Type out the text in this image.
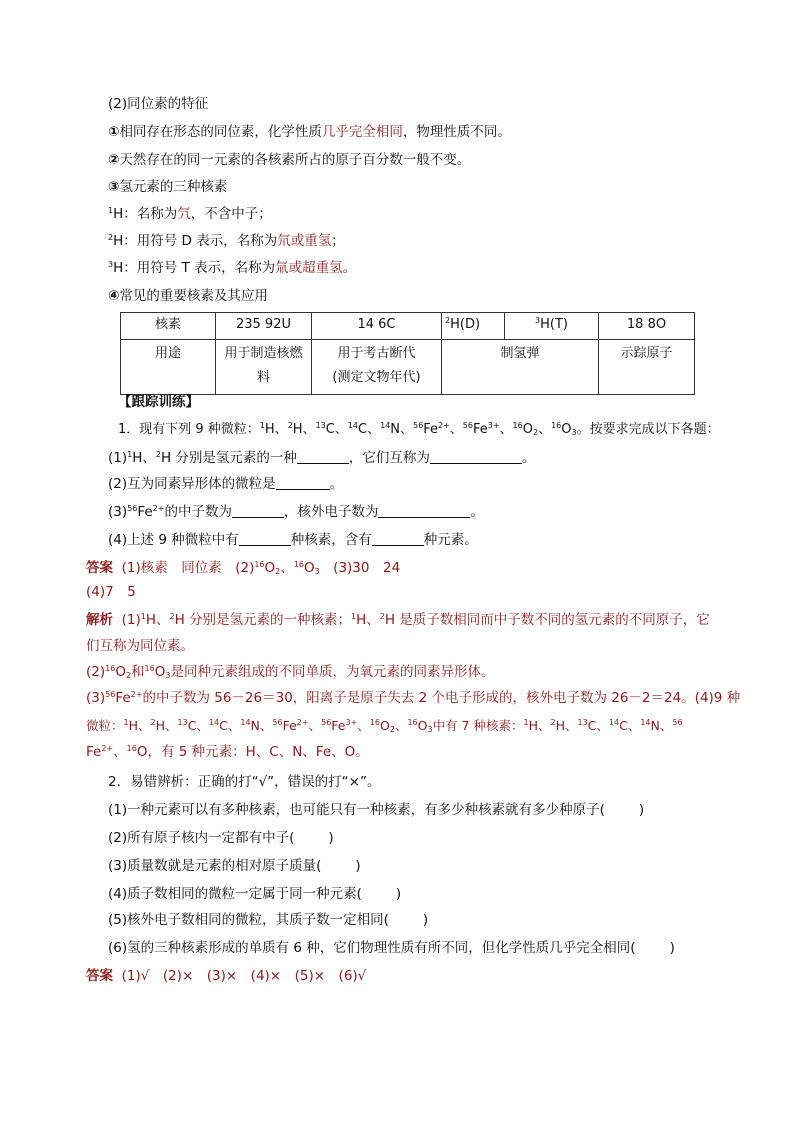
(2)同位素的特征
①相同存在形态的同位素，化学性质几乎完全相同，物理性质不同。
②天然存在的同一元素的各核素所占的原子百分数一般不变。
③氢元素的三种核素
$^1$H：名称为氕，不含中子；
$^2$H：用符号 D 表示，名称为氘或重氢；
$^3$H：用符号 T 表示，名称为氚或超重氢。
④常见的重要核素及其应用
核素	235 92U	14 6C	$^2$H(D)	$^3$H(T)	18 8O
用途	用于制造核燃料	用于考古断代
(测定文物年代)	制氢弹		示踪原子
【跟踪训练】
1．现有下列 9 种微粒：$^1$H、$^2$H、$^{13}$C、$^{14}$C、$^{14}$N、$^{56}Fe^{2+}$、$^{56}Fe^{3+}$、$^{16}O_2$、$^{16}O_3$。按要求完成以下各题：
$(1)^1H$、$^2$H 分别是氢元素的一种	，它们互称为	。
(2)互为同素异形体的微粒是	。
$(3)^{56}Fe^{2+}$的中子数为	，核外电子数为	。
(4)上述 9 种微粒中有	种核素，含有	种元素。
答案 (1)核素　同位素　$(2)^{16}O_2$、$^{16}O_3$　(3)30　24
(4)7　5
解析 $(1)^1H$、$^2$H 分别是氢元素的一种核素；$^1$H、$^2$H 是质子数相同而中子数不同的氢元素的不同原子，它
们互称为同位素。
$(2)^{16}O_2$和$^{16}O_3$是同种元素组成的不同单质，为氧元素的同素异形体。
$(3)^{56}Fe^{2+}$的中子数为 56－26＝30，阳离子是原子失去 2 个电子形成的，核外电子数为 26－2＝24。(4)9 种
微粒：$^1$H、$^2$H、$^{13}$C、$^{14}$C、$^{14}$N、$^{56}Fe^{2+}$、$^{56}Fe^{3+}$、$^{16}O_2$、$^{16}O_3$中有 7 种核素：$^1$H、$^2$H、$^{13}$C、$^{14}$C、$^{14}$N、$^{56}$
$Fe^{2+}$、$^{16}$O，有 5 种元素：H、C、N、Fe、O。
2．易错辨析：正确的打“√”，错误的打“×”。
(1)一种元素可以有多种核素，也可能只有一种核素，有多少种核素就有多少种原子(	)
(2)所有原子核内一定都有中子(	)
(3)质量数就是元素的相对原子质量(	)
(4)质子数相同的微粒一定属于同一种元素(	)
(5)核外电子数相同的微粒，其质子数一定相同(	)
(6)氢的三种核素形成的单质有 6 种，它们物理性质有所不同，但化学性质几乎完全相同(	)
答案 (1)√　(2)×　(3)×　(4)×　(5)×　(6)√
